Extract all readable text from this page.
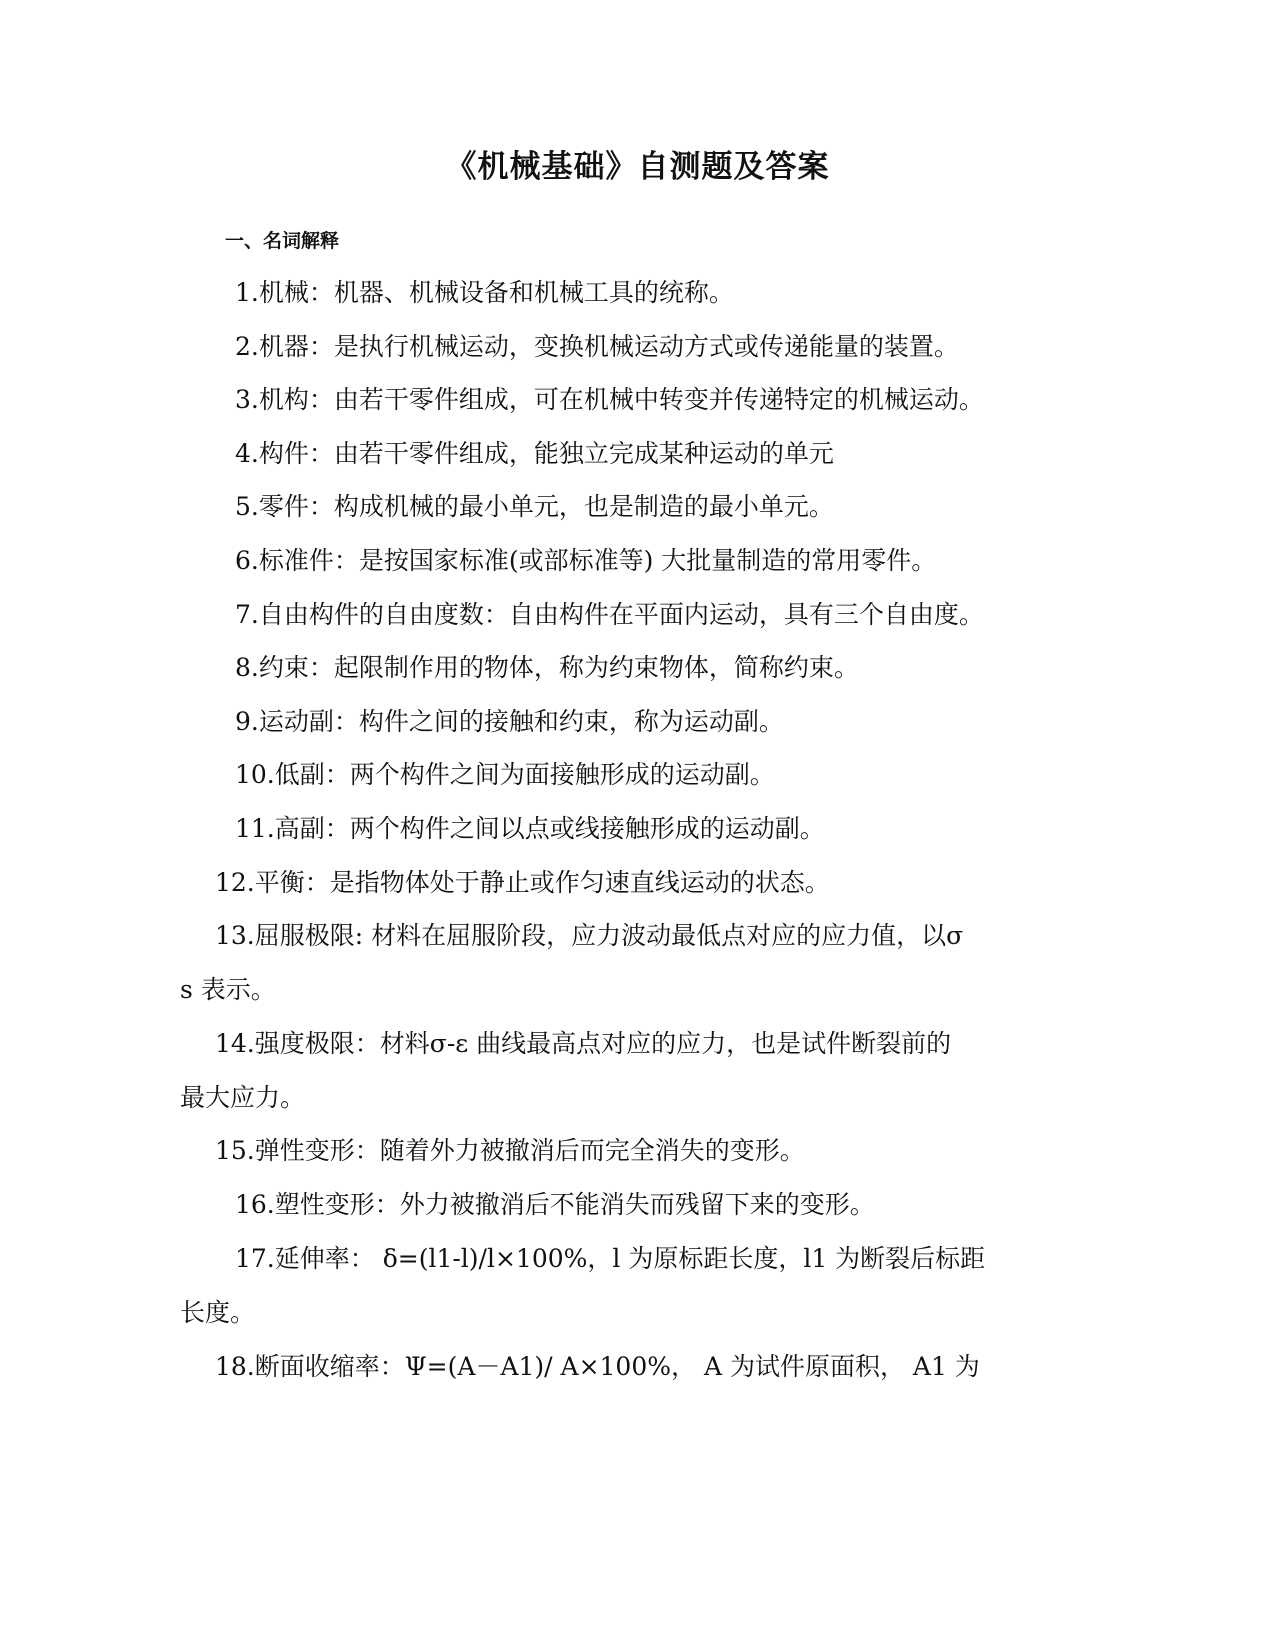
《机械基础》自测题及答案
一、名词解释
1.机械：机器、机械设备和机械工具的统称。
2.机器：是执行机械运动，变换机械运动方式或传递能量的装置。
3.机构：由若干零件组成，可在机械中转变并传递特定的机械运动。
4.构件：由若干零件组成，能独立完成某种运动的单元
5.零件：构成机械的最小单元，也是制造的最小单元。
6.标准件：是按国家标准(或部标准等) 大批量制造的常用零件。
7.自由构件的自由度数：自由构件在平面内运动，具有三个自由度。
8.约束：起限制作用的物体，称为约束物体，简称约束。
9.运动副：构件之间的接触和约束，称为运动副。
10.低副：两个构件之间为面接触形成的运动副。
11.高副：两个构件之间以点或线接触形成的运动副。
12.平衡：是指物体处于静止或作匀速直线运动的状态。
13.屈服极限: 材料在屈服阶段，应力波动最低点对应的应力值，以σ
s 表示。
14.强度极限：材料σ-ε 曲线最高点对应的应力，也是试件断裂前的
最大应力。
15.弹性变形：随着外力被撤消后而完全消失的变形。
16.塑性变形：外力被撤消后不能消失而残留下来的变形。
17.延伸率： δ=(l1-l)/l×100%，l 为原标距长度，l1 为断裂后标距
长度。
18.断面收缩率：Ψ=(A－A1)/ A×100%， A 为试件原面积， A1 为
